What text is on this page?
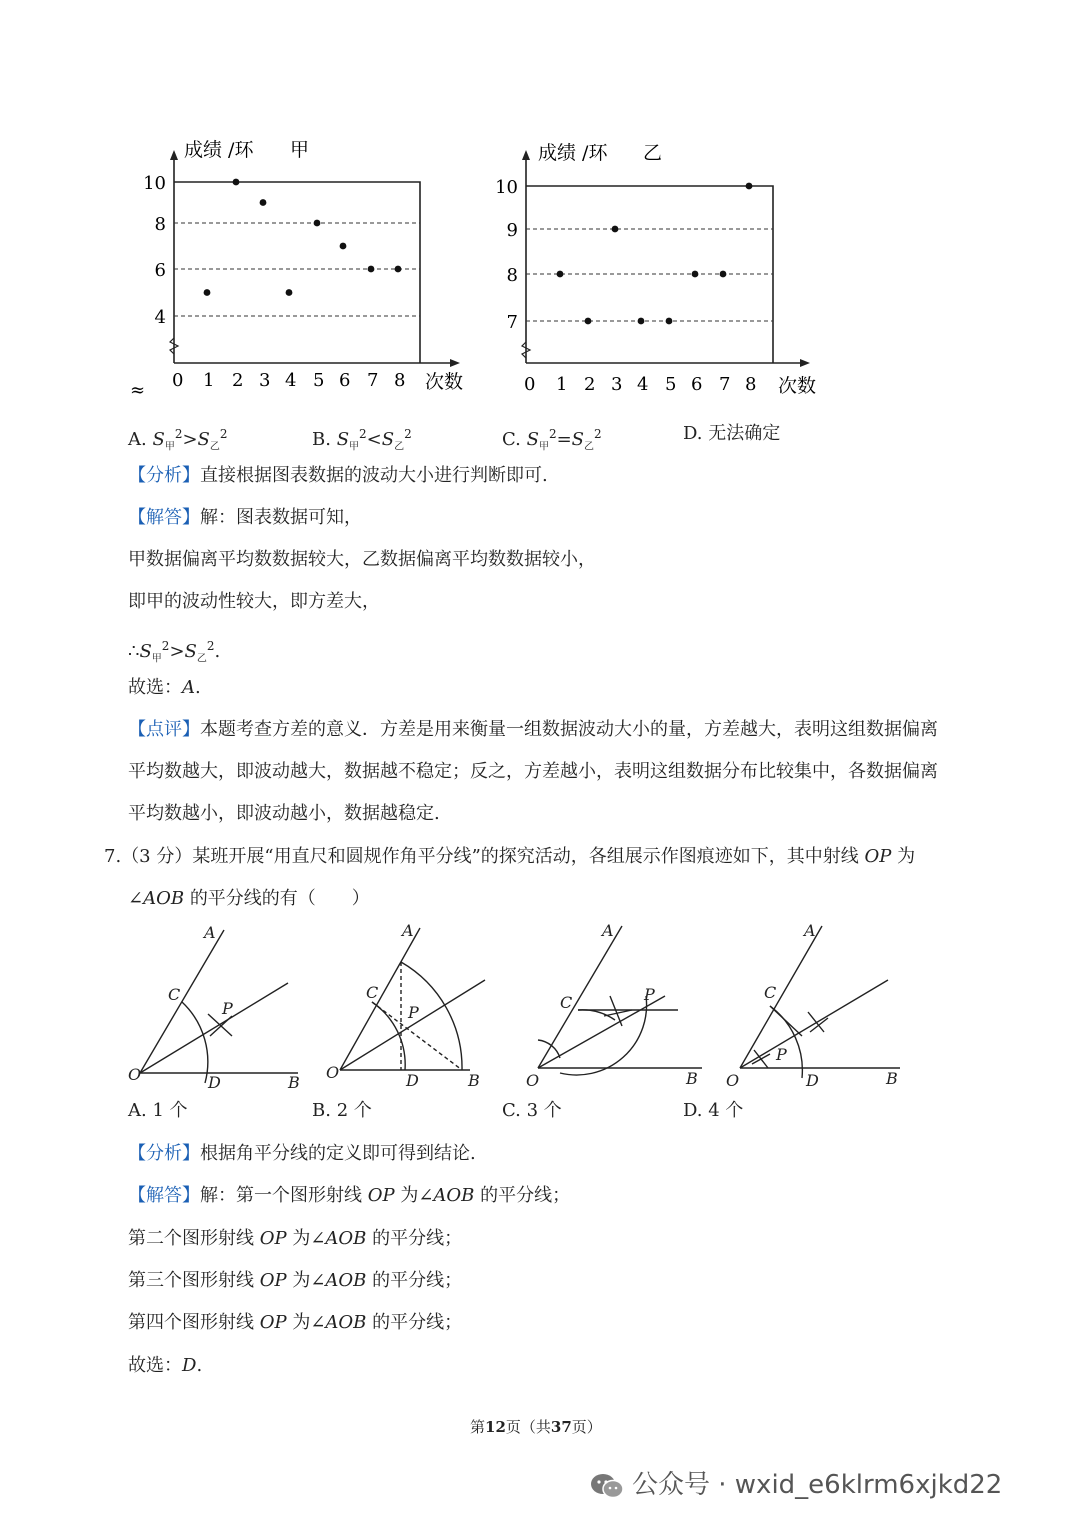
4
6
8
10
0 1 2 3 4 5 6 7 8
成绩 /环 甲
次数
≈
7
8
9
10
0 1 2 3 4 5 6 7 8
成绩 /环 乙
次数
A. $S_甲^2>S_乙^2$	B. $S_甲^2<S_乙^2$	C. $S_甲^2=S_乙^2$	D. 无法确定
【分析】直接根据图表数据的波动大小进行判断即可.
【解答】解：图表数据可知，
甲数据偏离平均数数据较大，乙数据偏离平均数数据较小，
即甲的波动性较大，即方差大，
$\therefore S_甲^2>S_乙^2$.
故选：A.
【点评】本题考查方差的意义．方差是用来衡量一组数据波动大小的量，方差越大，表明这组数据偏离
平均数越大，即波动越大，数据越不稳定；反之，方差越小，表明这组数据分布比较集中，各数据偏离
平均数越小，即波动越小，数据越稳定.
7.（3 分）某班开展“用直尺和圆规作角平分线”的探究活动，各组展示作图痕迹如下，其中射线 OP 为
∠AOB 的平分线的有（　　）
A
C
P
O	D	B
A
C
P
O	D	B
A
C	P
O	B
A
C
P
O	D	B
A. 1 个	B. 2 个	C. 3 个	D. 4 个
【分析】根据角平分线的定义即可得到结论.
【解答】解：第一个图形射线 OP 为∠AOB 的平分线；
第二个图形射线 OP 为∠AOB 的平分线；
第三个图形射线 OP 为∠AOB 的平分线；
第四个图形射线 OP 为∠AOB 的平分线；
故选：D.
第12页（共37页）
公众号 · wxid_e6klrm6xjkd22
